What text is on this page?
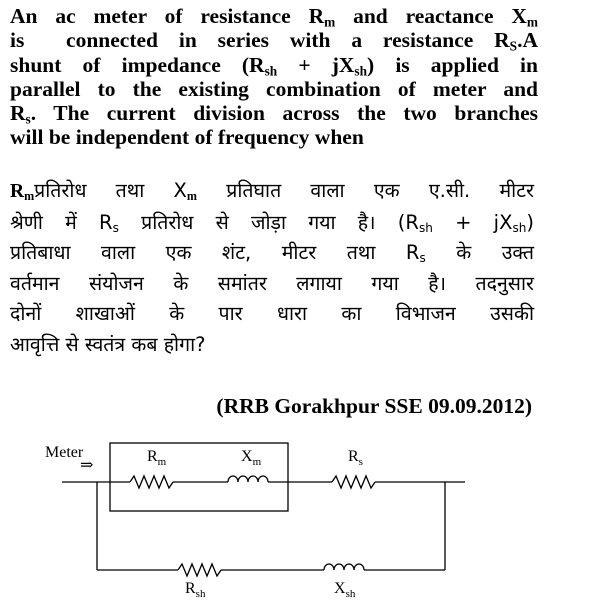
An ac meter of resistance $R_m$ and reactance $X_m$
is  connected in series with a resistance $R_S.A$
shunt of impedance $(R_{sh} + jX_{sh})$ is applied in
parallel to the existing combination of meter and
$R_s$. The current division across the two branches
will be independent of frequency when
$R_mप्रतिरोध$ तथा $X_m$ प्रतिघात वाला एक ए.सी. मीटर
श्रेणी में $R_s$ प्रतिरोध से जोड़ा गया है। $(R_{sh} + jX_{sh})$
प्रतिबाधा वाला एक शंट, मीटर तथा $R_s$ के उक्त
वर्तमान संयोजन के समांतर लगाया गया है। तदनुसार
दोनों शाखाओं के पार धारा का विभाजन उसकी
आवृत्ति से स्वतंत्र कब होगा?
(RRB Gorakhpur SSE 09.09.2012)
Meter
⇒
$R_m$	$X_m$	$R_s$
$R_{sh}$	$X_{sh}$
